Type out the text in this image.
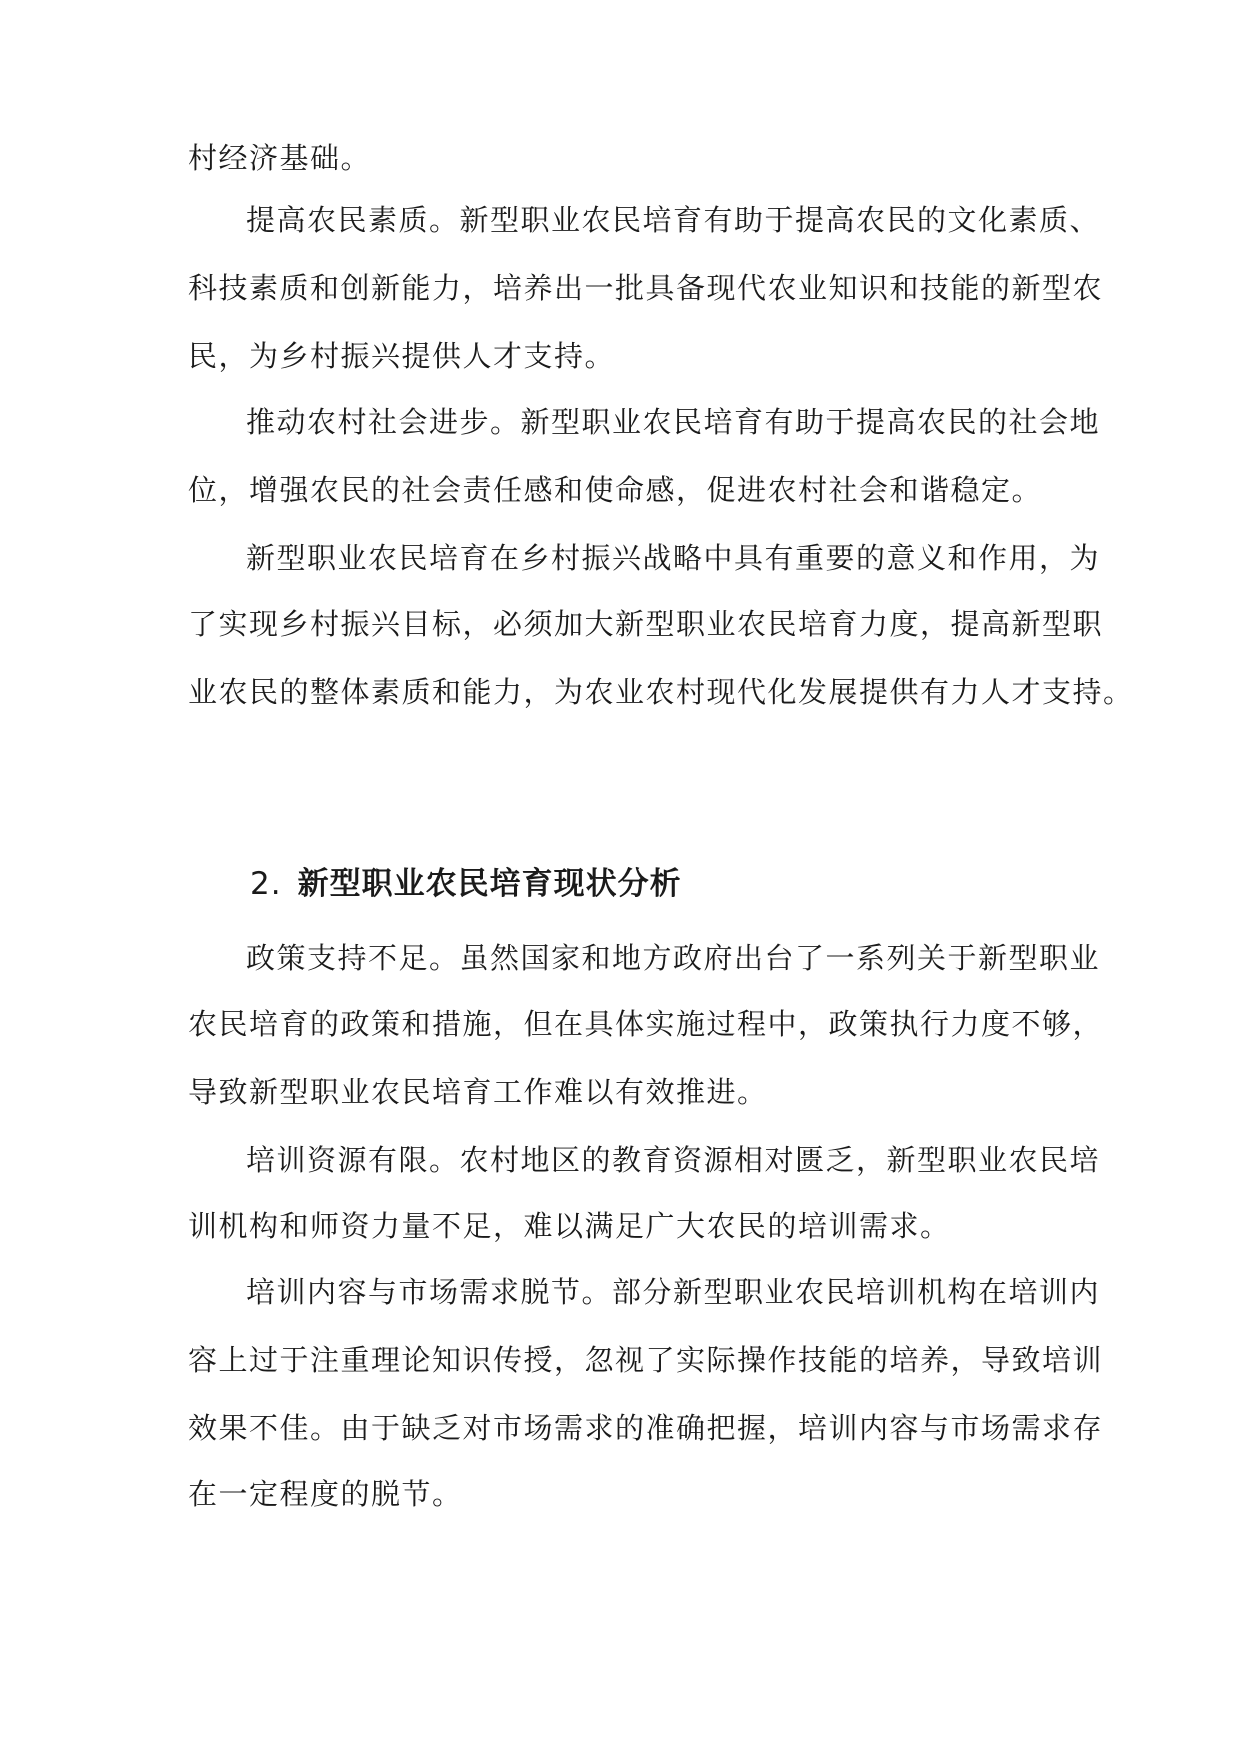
村经济基础。
提高农民素质。新型职业农民培育有助于提高农民的文化素质、
科技素质和创新能力，培养出一批具备现代农业知识和技能的新型农
民，为乡村振兴提供人才支持。
推动农村社会进步。新型职业农民培育有助于提高农民的社会地
位，增强农民的社会责任感和使命感，促进农村社会和谐稳定。
新型职业农民培育在乡村振兴战略中具有重要的意义和作用，为
了实现乡村振兴目标，必须加大新型职业农民培育力度，提高新型职
业农民的整体素质和能力，为农业农村现代化发展提供有力人才支持。
2. 新型职业农民培育现状分析
政策支持不足。虽然国家和地方政府出台了一系列关于新型职业
农民培育的政策和措施，但在具体实施过程中，政策执行力度不够，
导致新型职业农民培育工作难以有效推进。
培训资源有限。农村地区的教育资源相对匮乏，新型职业农民培
训机构和师资力量不足，难以满足广大农民的培训需求。
培训内容与市场需求脱节。部分新型职业农民培训机构在培训内
容上过于注重理论知识传授，忽视了实际操作技能的培养，导致培训
效果不佳。由于缺乏对市场需求的准确把握，培训内容与市场需求存
在一定程度的脱节。
